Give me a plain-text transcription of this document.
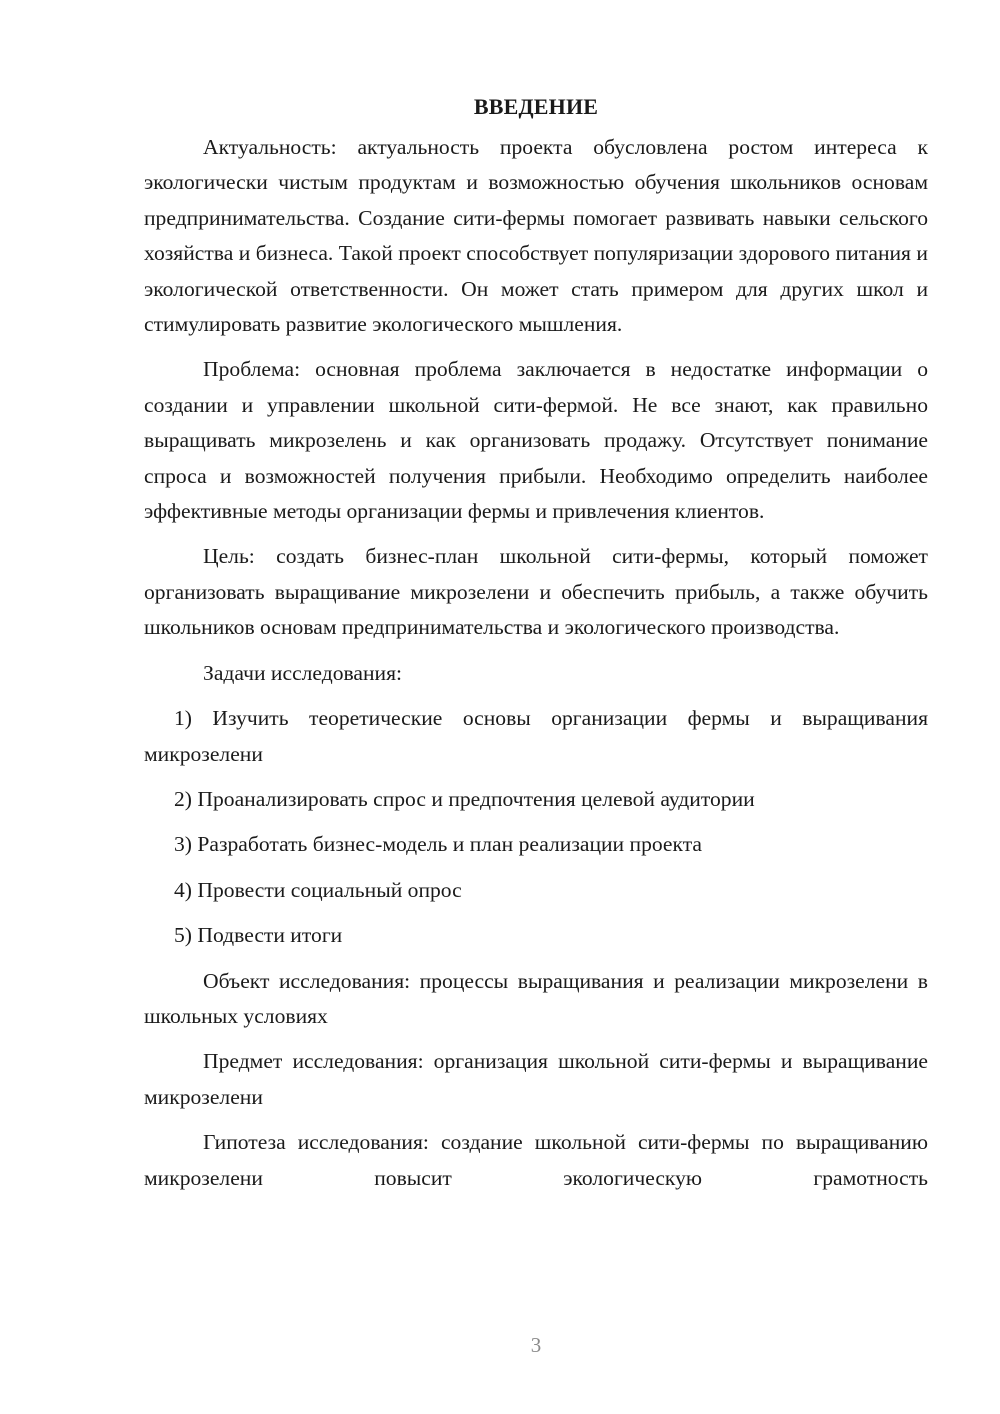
ВВЕДЕНИЕ

Актуальность: актуальность проекта обусловлена ростом интереса к экологически чистым продуктам и возможностью обучения школьников основам предпринимательства. Создание сити-фермы помогает развивать навыки сельского хозяйства и бизнеса. Такой проект способствует популяризации здорового питания и экологической ответственности. Он может стать примером для других школ и стимулировать развитие экологического мышления.

Проблема: основная проблема заключается в недостатке информации о создании и управлении школьной сити-фермой. Не все знают, как правильно выращивать микрозелень и как организовать продажу. Отсутствует понимание спроса и возможностей получения прибыли. Необходимо определить наиболее эффективные методы организации фермы и привлечения клиентов.

Цель: создать бизнес-план школьной сити-фермы, который поможет организовать выращивание микрозелени и обеспечить прибыль, а также обучить школьников основам предпринимательства и экологического производства.

Задачи исследования:

1) Изучить теоретические основы организации фермы и выращивания микрозелени

2) Проанализировать спрос и предпочтения целевой аудитории

3) Разработать бизнес-модель и план реализации проекта

4) Провести социальный опрос

5) Подвести итоги

Объект исследования: процессы выращивания и реализации микрозелени в школьных условиях

Предмет исследования: организация школьной сити-фермы и выращивание микрозелени

Гипотеза исследования: создание школьной сити-фермы по выращиванию микрозелени повысит экологическую грамотность

3
